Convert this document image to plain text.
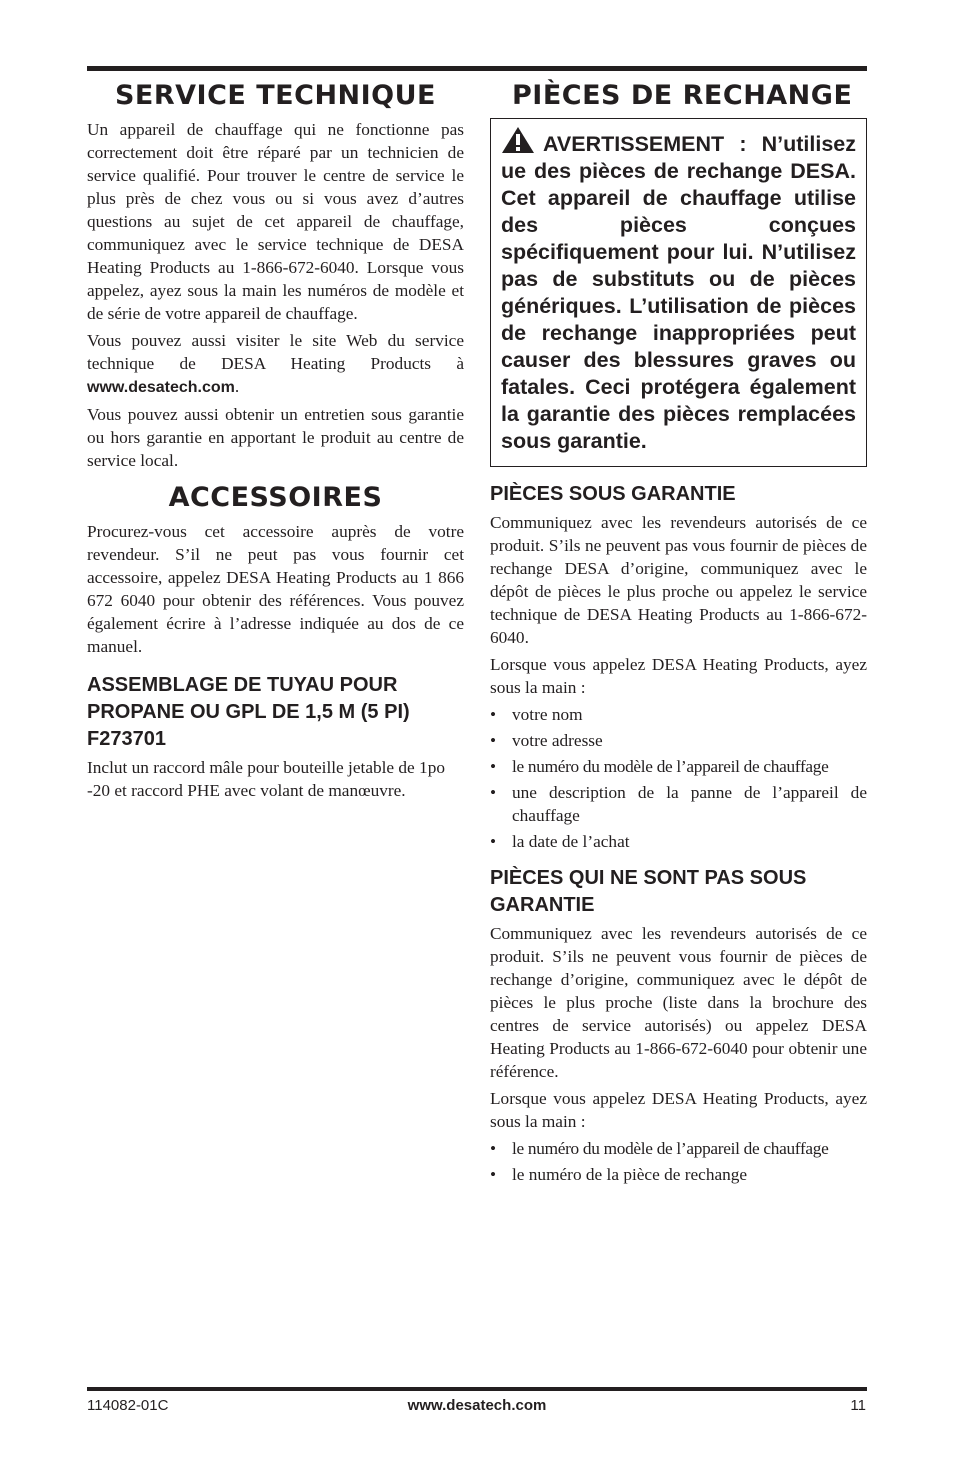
SERVICE TECHNIQUE

Un appareil de chauffage qui ne fonctionne pas correctement doit être réparé par un technicien de service qualifié. Pour trouver le centre de service le plus près de chez vous ou si vous avez d’autres questions au sujet de cet appareil de chauffage, communiquez avec le service technique de DESA Heating Products au 1-866-672-6040. Lorsque vous appelez, ayez sous la main les numéros de modèle et de série de votre appareil de chauffage.

Vous pouvez aussi visiter le site Web du service technique de DESA Heating Products à www.desatech.com.

Vous pouvez aussi obtenir un entretien sous garantie ou hors garantie en apportant le produit au centre de service local.

ACCESSOIRES

Procurez-vous cet accessoire auprès de votre revendeur. S’il ne peut pas vous fournir cet accessoire, appelez DESA Heating Products au 1 866 672 6040 pour obtenir des références. Vous pouvez également écrire à l’adresse indiquée au dos de ce manuel.

ASSEMBLAGE DE TUYAU POUR PROPANE OU GPL DE 1,5 M (5 PI) F273701

Inclut un raccord mâle pour bouteille jetable de 1po -20 et raccord PHE avec volant de manœuvre.

PIÈCES DE RECHANGE
AVERTISSEMENT : N’utilisez ue des pièces de rechange DESA. Cet appareil de chauffage utilise des pièces conçues spécifiquement pour lui. N’utilisez pas de substituts ou de pièces génériques. L’utilisation de pièces de rechange inappropriées peut causer des blessures graves ou fatales. Ceci protégera également la garantie des pièces remplacées sous garantie.
PIÈCES SOUS GARANTIE

Communiquez avec les revendeurs autorisés de ce produit. S’ils ne peuvent pas vous fournir de pièces de rechange DESA d’origine, communiquez avec le dépôt de pièces le plus proche ou appelez le service technique de DESA Heating Products au 1-866-672-6040.

Lorsque vous appelez DESA Heating Products, ayez sous la main :

• votre nom
• votre adresse
• le numéro du modèle de l’appareil de chauffage
• une description de la panne de l’appareil de chauffage
• la date de l’achat
PIÈCES QUI NE SONT PAS SOUS GARANTIE

Communiquez avec les revendeurs autorisés de ce produit. S’ils ne peuvent vous fournir de pièces de rechange d’origine, communiquez avec le dépôt de pièces le plus proche (liste dans la brochure des centres de service autorisés) ou appelez DESA Heating Products au 1-866-672-6040 pour obtenir une référence.

Lorsque vous appelez DESA Heating Products, ayez sous la main :

• le numéro du modèle de l’appareil de chauffage
• le numéro de la pièce de rechange
114082-01C	www.desatech.com	11
